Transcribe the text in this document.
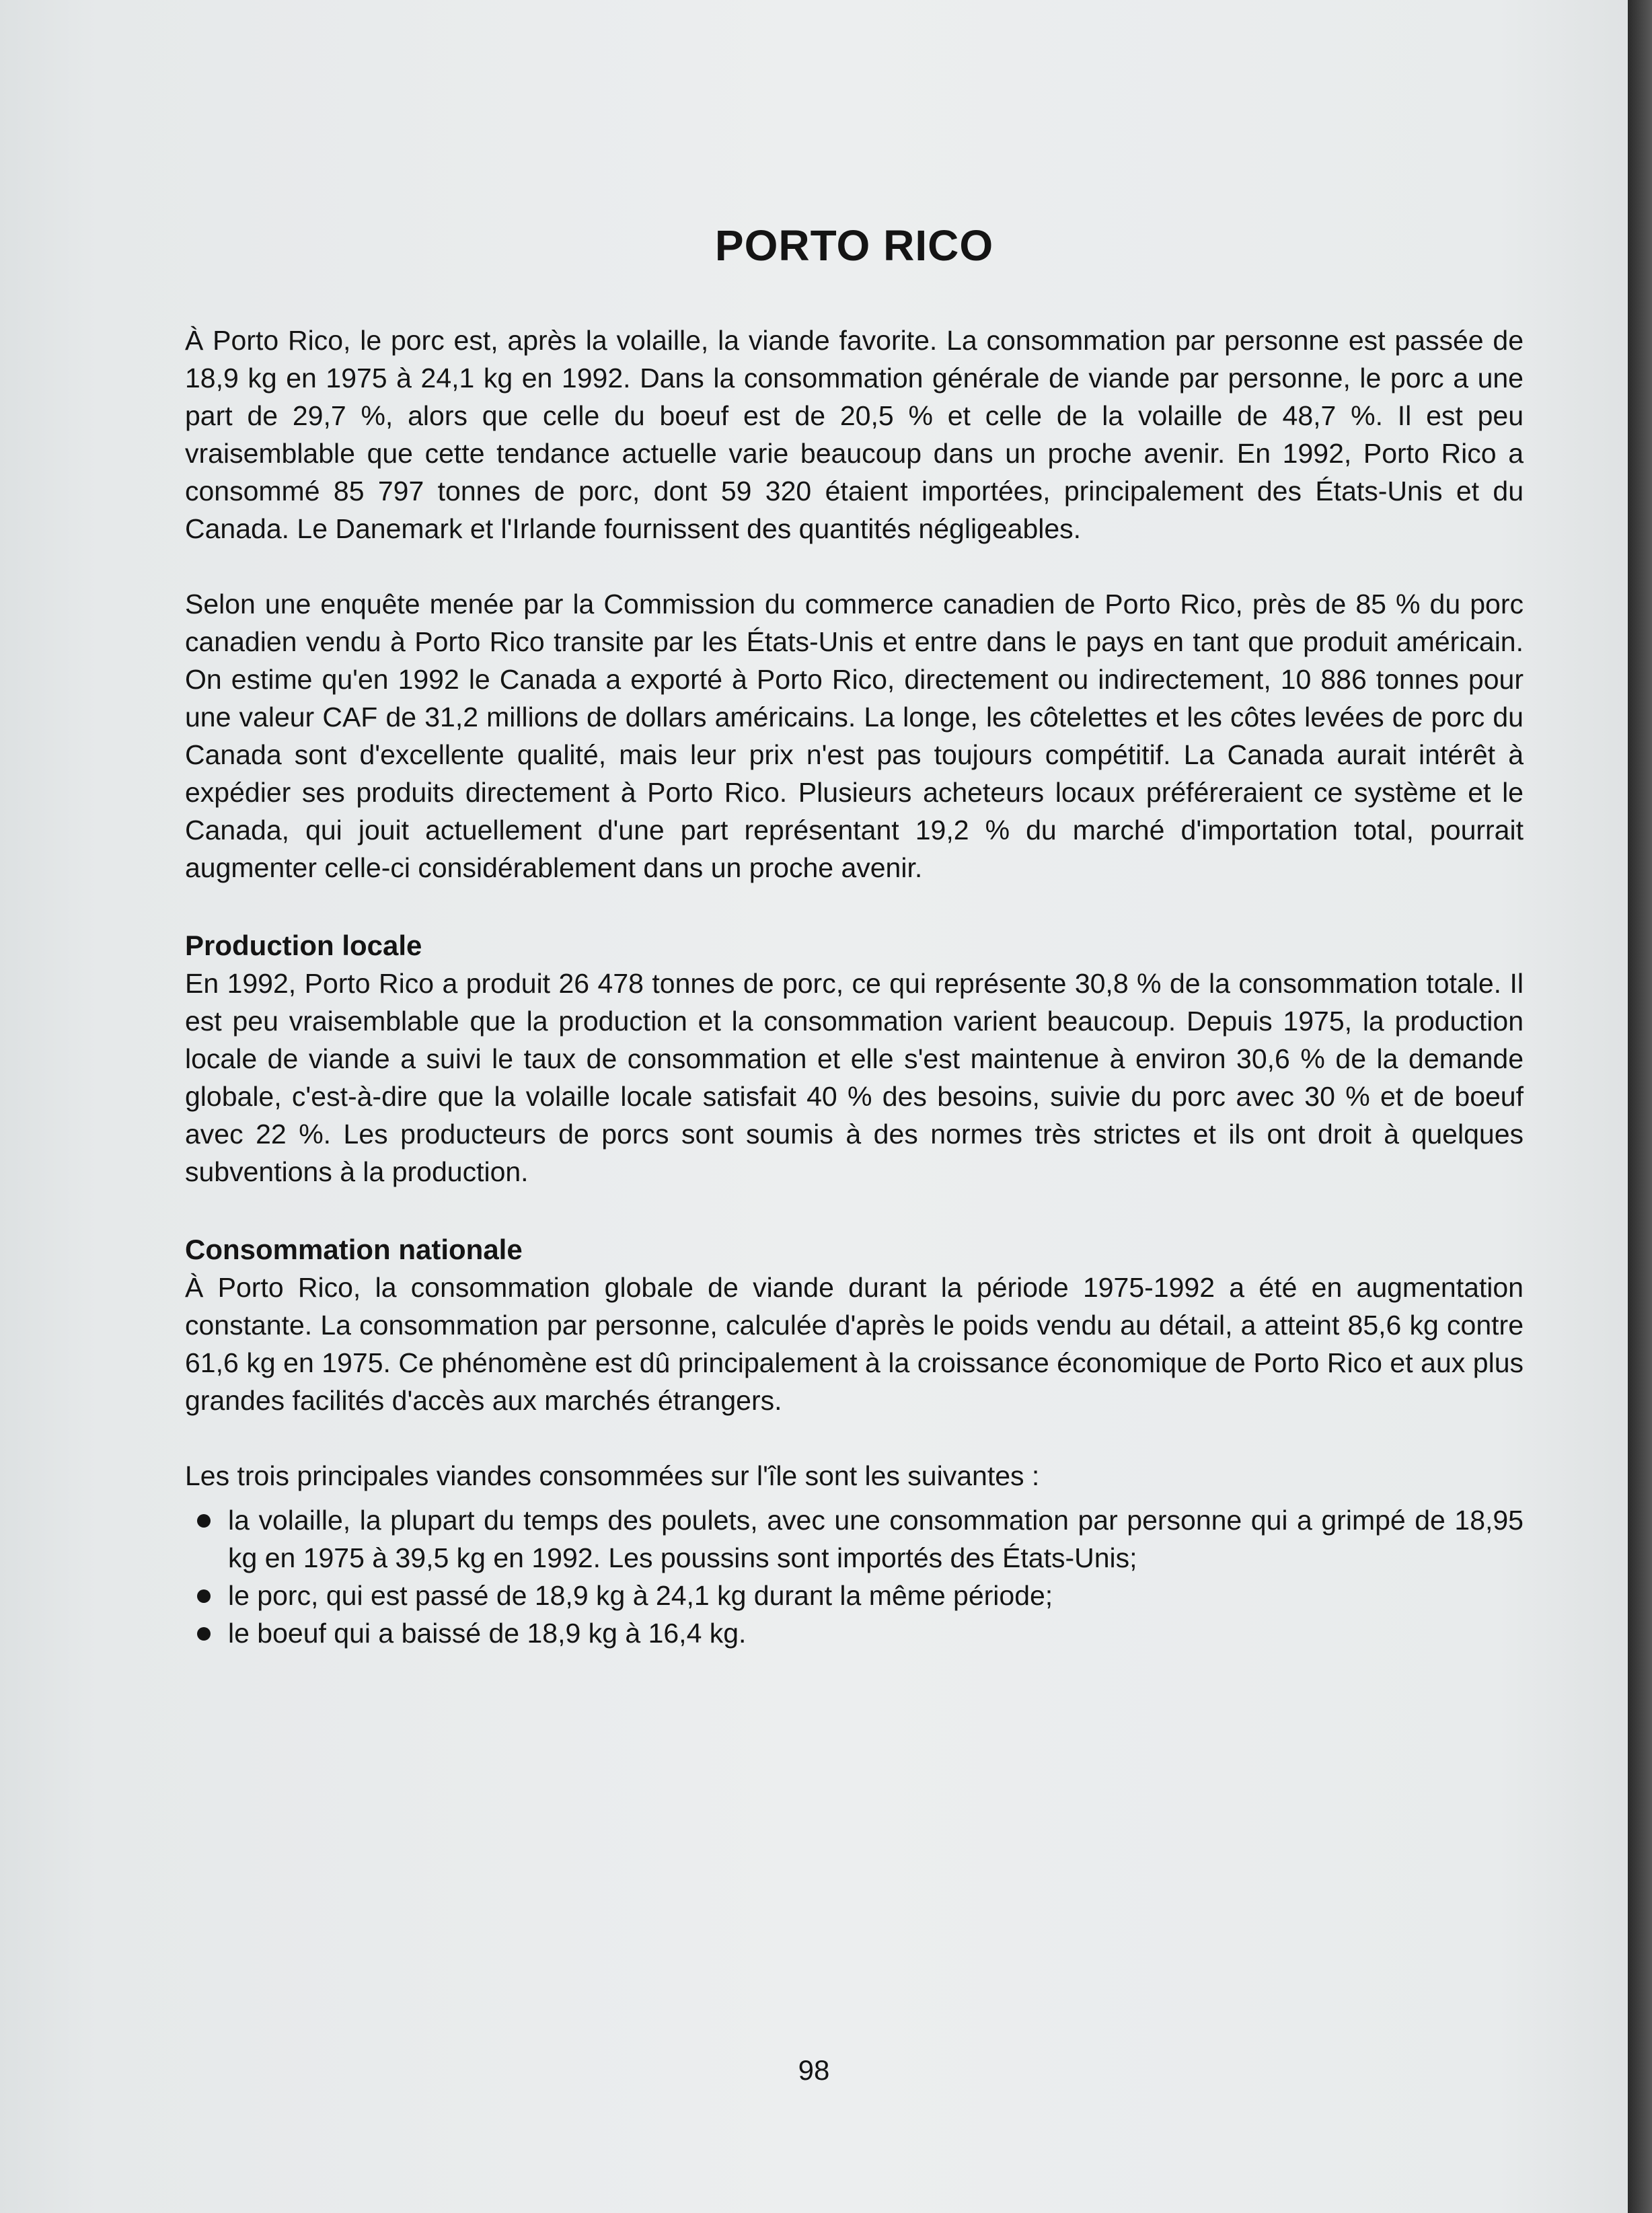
PORTO RICO

À Porto Rico, le porc est, après la volaille, la viande favorite. La consommation par personne est passée de 18,9 kg en 1975 à 24,1 kg en 1992. Dans la consommation générale de viande par personne, le porc a une part de 29,7 %, alors que celle du boeuf est de 20,5 % et celle de la volaille de 48,7 %. Il est peu vraisemblable que cette tendance actuelle varie beaucoup dans un proche avenir. En 1992, Porto Rico a consommé 85 797 tonnes de porc, dont 59 320 étaient importées, principalement des États-Unis et du Canada. Le Danemark et l'Irlande fournissent des quantités négligeables.

Selon une enquête menée par la Commission du commerce canadien de Porto Rico, près de 85 % du porc canadien vendu à Porto Rico transite par les États-Unis et entre dans le pays en tant que produit américain. On estime qu'en 1992 le Canada a exporté à Porto Rico, directement ou indirectement, 10 886 tonnes pour une valeur CAF de 31,2 millions de dollars américains. La longe, les côtelettes et les côtes levées de porc du Canada sont d'excellente qualité, mais leur prix n'est pas toujours compétitif. La Canada aurait intérêt à expédier ses produits directement à Porto Rico. Plusieurs acheteurs locaux préféreraient ce système et le Canada, qui jouit actuellement d'une part représentant 19,2 % du marché d'importation total, pourrait augmenter celle-ci considérablement dans un proche avenir.

Production locale

En 1992, Porto Rico a produit 26 478 tonnes de porc, ce qui représente 30,8 % de la consommation totale. Il est peu vraisemblable que la production et la consommation varient beaucoup. Depuis 1975, la production locale de viande a suivi le taux de consommation et elle s'est maintenue à environ 30,6 % de la demande globale, c'est-à-dire que la volaille locale satisfait 40 % des besoins, suivie du porc avec 30 % et de boeuf avec 22 %. Les producteurs de porcs sont soumis à des normes très strictes et ils ont droit à quelques subventions à la production.

Consommation nationale

À Porto Rico, la consommation globale de viande durant la période 1975-1992 a été en augmentation constante. La consommation par personne, calculée d'après le poids vendu au détail, a atteint 85,6 kg contre 61,6 kg en 1975. Ce phénomène est dû principalement à la croissance économique de Porto Rico et aux plus grandes facilités d'accès aux marchés étrangers.

Les trois principales viandes consommées sur l'île sont les suivantes :

la volaille, la plupart du temps des poulets, avec une consommation par personne qui a grimpé de 18,95 kg en 1975 à 39,5 kg en 1992. Les poussins sont importés des États-Unis;
le porc, qui est passé de 18,9 kg à 24,1 kg durant la même période;
le boeuf qui a baissé de 18,9 kg à 16,4 kg.
98
